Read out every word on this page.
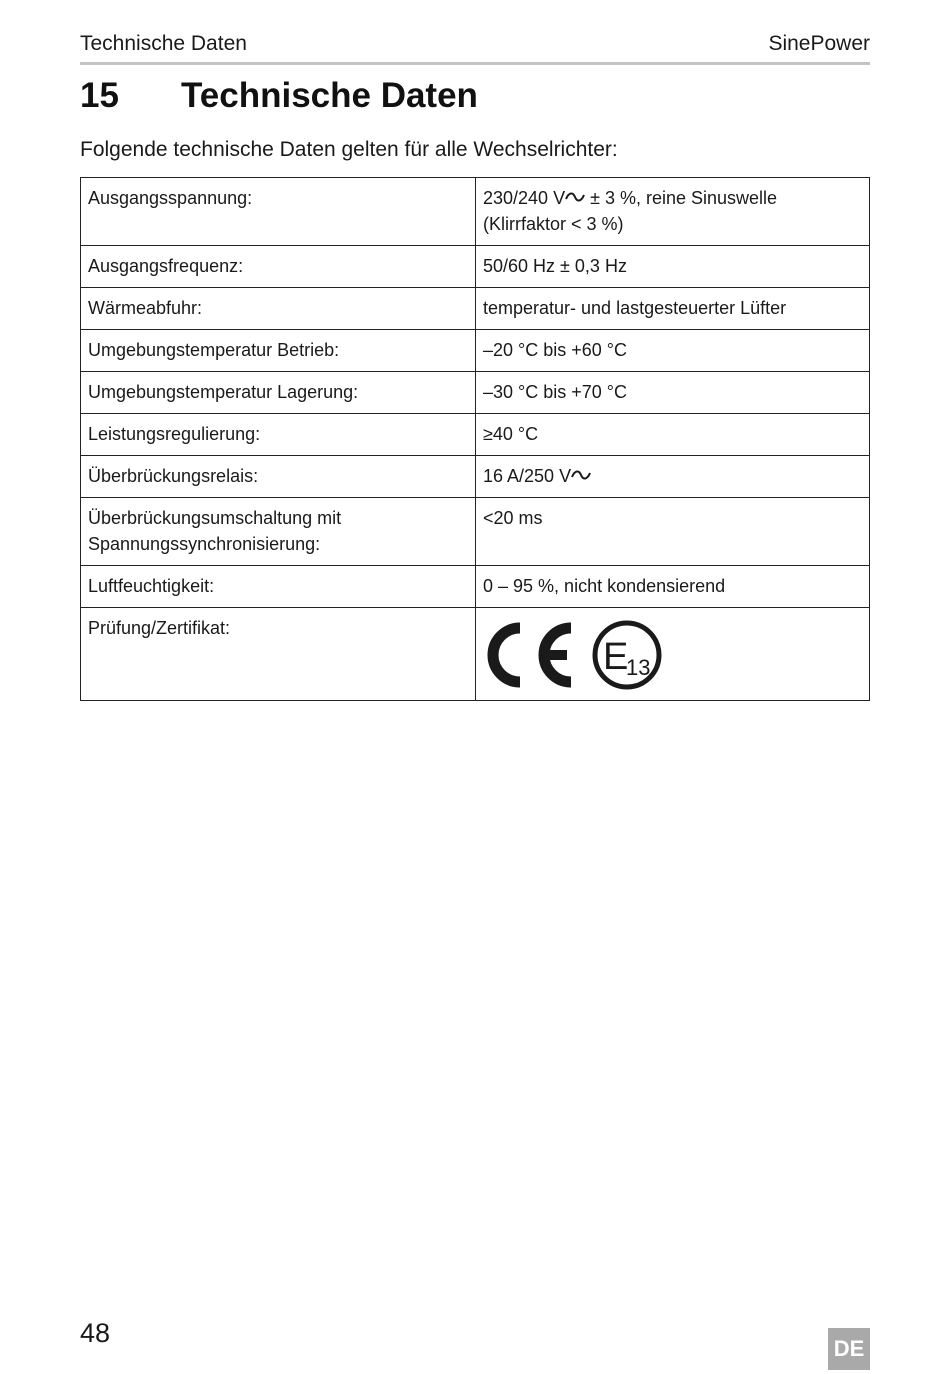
Technische Daten	SinePower
15 Technische Daten
Folgende technische Daten gelten für alle Wechselrichter:
Ausgangsspannung:	230/240 V ± 3 %, reine Sinuswelle
(Klirrfaktor < 3 %)
Ausgangsfrequenz:	50/60 Hz ± 0,3 Hz
Wärmeabfuhr:	temperatur- und lastgesteuerter Lüfter
Umgebungstemperatur Betrieb:	–20 °C bis +60 °C
Umgebungstemperatur Lagerung:	–30 °C bis +70 °C
Leistungsregulierung:	≥40 °C
Überbrückungsrelais:	16 A/250 V
Überbrückungsumschaltung mit
Spannungssynchronisierung:	<20 ms
Luftfeuchtigkeit:	0 – 95 %, nicht kondensierend
Prüfung/Zertifikat:	E
13
48
DE
